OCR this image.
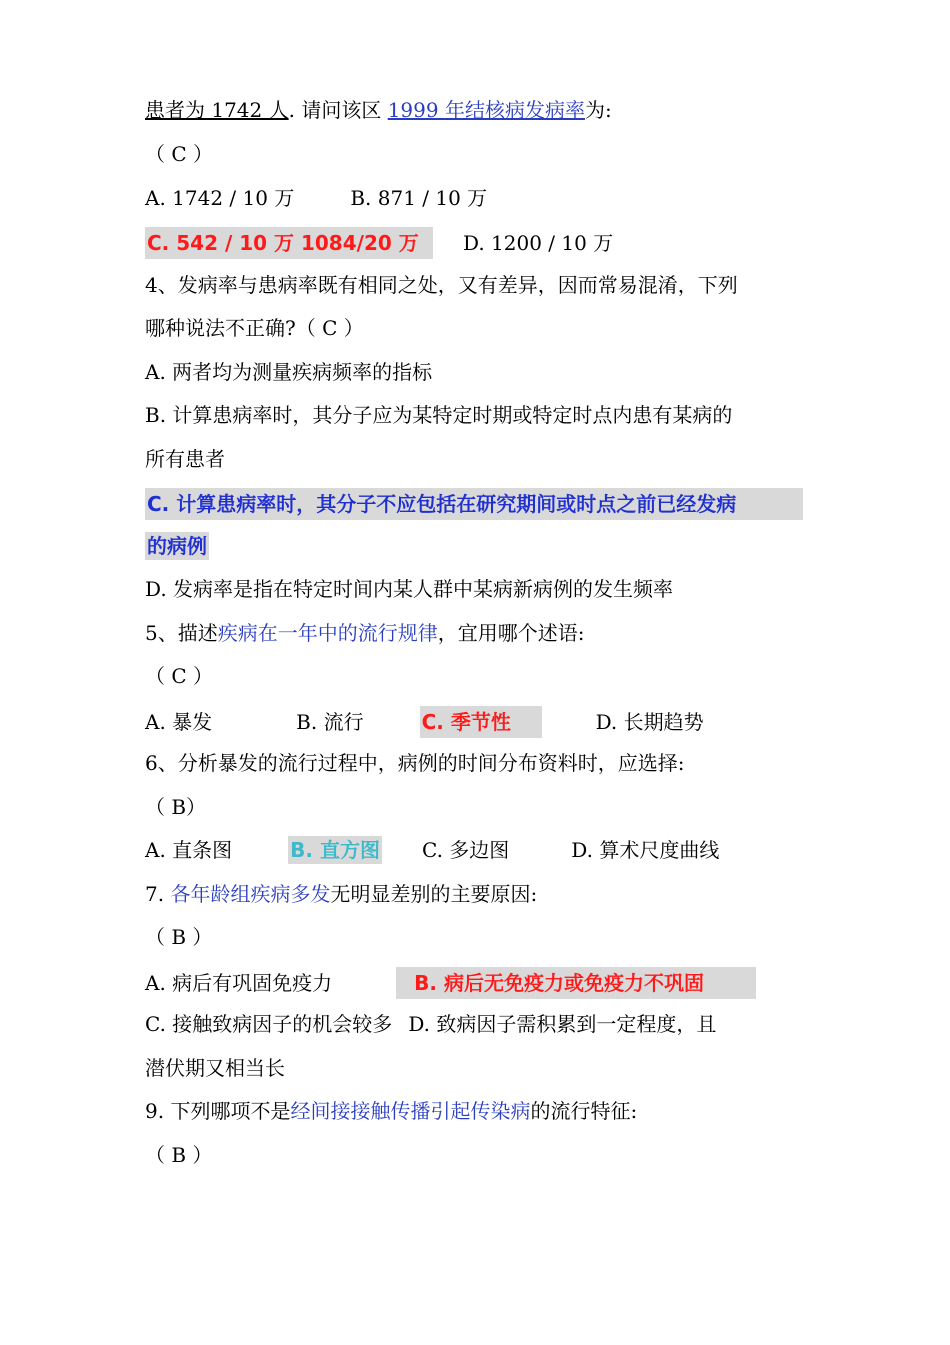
患者为 1742 人. 请问该区 1999 年结核病发病率为:
（ C ）
A. 1742 / 10 万	B. 871 / 10 万
C. 542 / 10 万 1084/20 万 D. 1200 / 10 万
4、发病率与患病率既有相同之处，又有差异，因而常易混淆，下列
哪种说法不正确?（ C ）
A. 两者均为测量疾病频率的指标
B. 计算患病率时，其分子应为某特定时期或特定时点内患有某病的
所有患者
C. 计算患病率时，其分子不应包括在研究期间或时点之前已经发病
的病例
D. 发病率是指在特定时间内某人群中某病新病例的发生频率
5、描述疾病在一年中的流行规律，宜用哪个述语:
（ C ）
A. 暴发	B. 流行	C. 季节性	D. 长期趋势
6、分析暴发的流行过程中，病例的时间分布资料时，应选择:
（ B）
A. 直条图	B. 直方图 C. 多边图	D. 算术尺度曲线
7. 各年龄组疾病多发无明显差别的主要原因:
（ B ）
A. 病后有巩固免疫力	B. 病后无免疫力或免疫力不巩固
C. 接触致病因子的机会较多 D. 致病因子需积累到一定程度，且
潜伏期又相当长
9. 下列哪项不是经间接接触传播引起传染病的流行特征:
（ B ）
